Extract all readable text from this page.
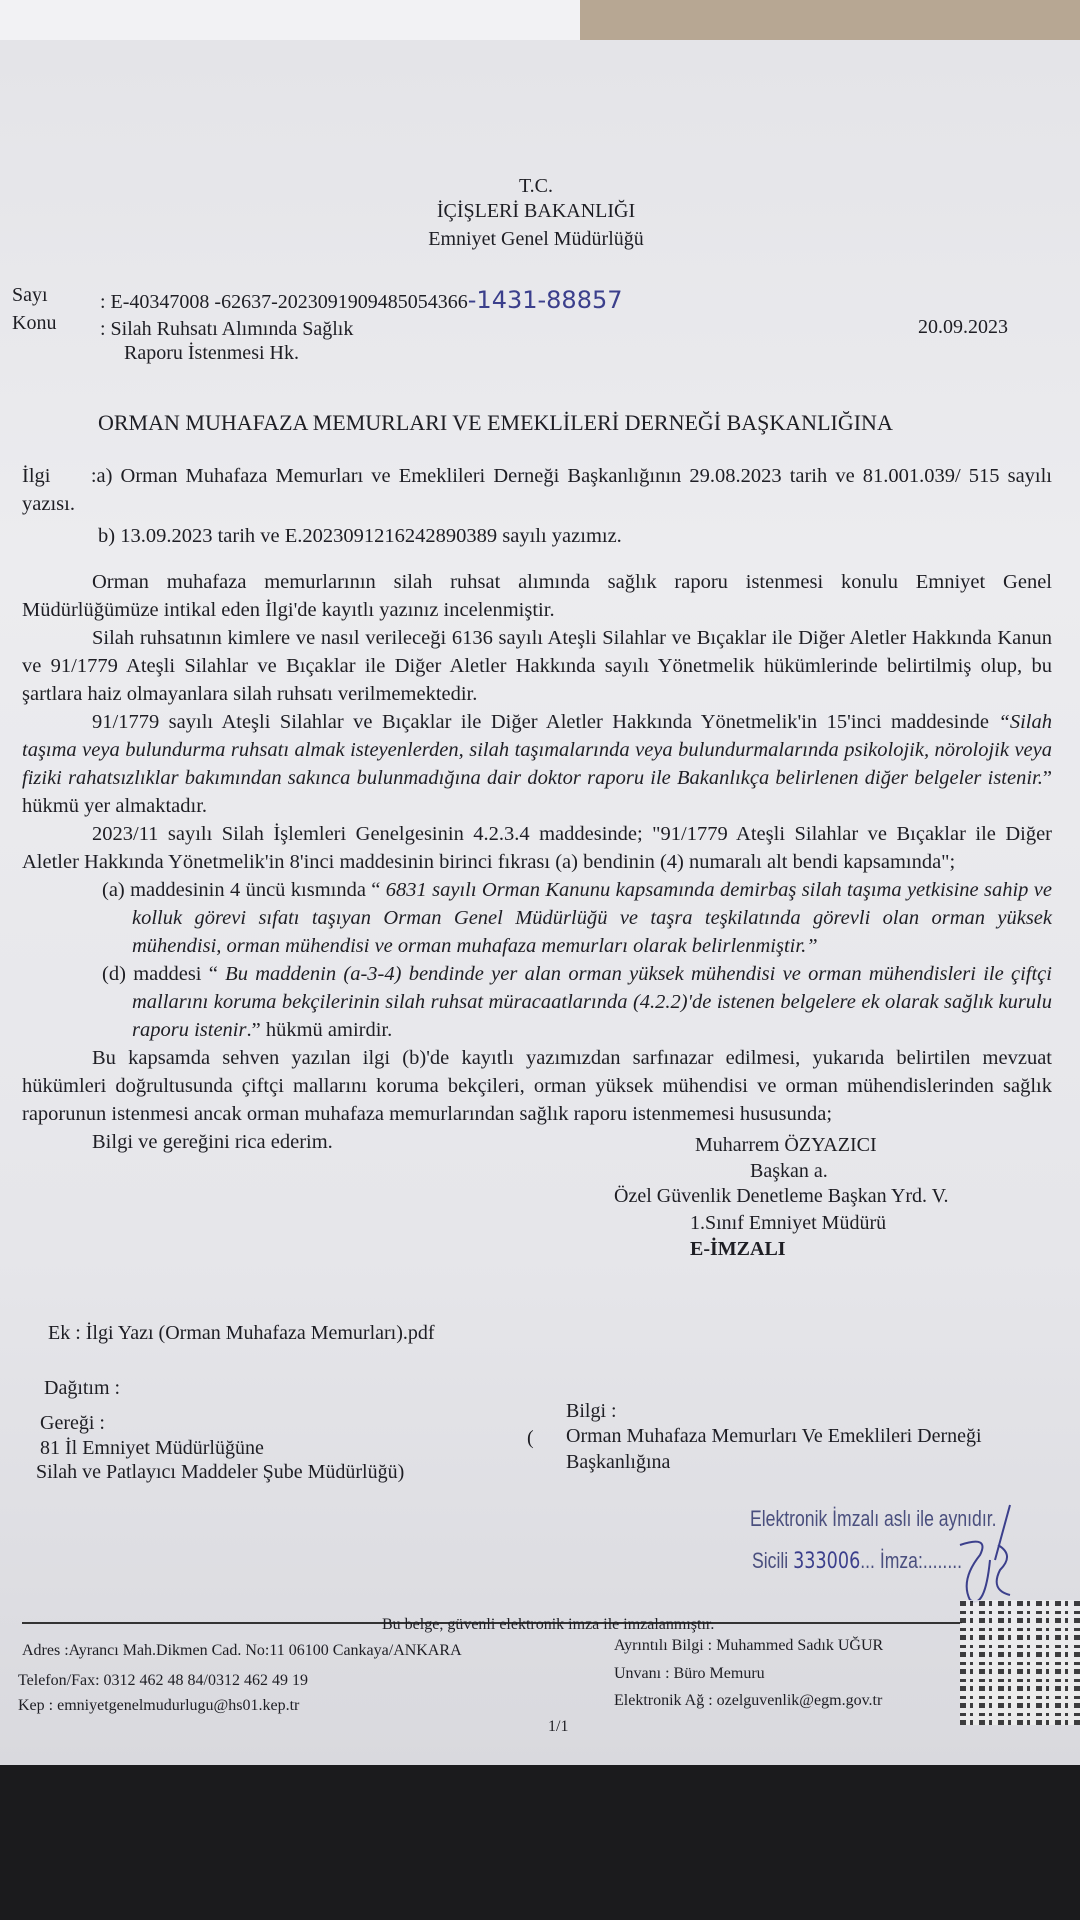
T.C.
İÇİŞLERİ BAKANLIĞI
Emniyet Genel Müdürlüğü
Sayı	: E-40347008 -62637-20230919094850543​66-1431-88857
Konu : Silah Ruhsatı Alımında Sağlık
Raporu İstenmesi Hk.
20.09.2023
ORMAN MUHAFAZA MEMURLARI VE EMEKLİLERİ DERNEĞİ BAŞKANLIĞINA

İlgi :a) Orman Muhafaza Memurları ve Emeklileri Derneği Başkanlığının 29.08.2023 tarih ve 81.001.039/ 515 sayılı yazısı.

b) 13.09.2023 tarih ve E.20230912162428903​89 sayılı yazımız.

Orman muhafaza memurlarının silah ruhsat alımında sağlık raporu istenmesi konulu Emniyet Genel Müdürlüğümüze intikal eden İlgi'de kayıtlı yazınız incelenmiştir.

Silah ruhsatının kimlere ve nasıl verileceği 6136 sayılı Ateşli Silahlar ve Bıçaklar ile Diğer Aletler Hakkında Kanun ve 91/1779 Ateşli Silahlar ve Bıçaklar ile Diğer Aletler Hakkında sayılı Yönetmelik hükümlerinde belirtilmiş olup, bu şartlara haiz olmayanlara silah ruhsatı verilmemektedir.

91/1779 sayılı Ateşli Silahlar ve Bıçaklar ile Diğer Aletler Hakkında Yönetmelik'in 15'inci maddesinde “Silah taşıma veya bulundurma ruhsatı almak isteyenlerden, silah taşımalarında veya bulundurmalarında psikolojik, nörolojik veya fiziki rahatsızlıklar bakımından sakınca bulunmadığına dair doktor raporu ile Bakanlıkça belirlenen diğer belgeler istenir.” hükmü yer almaktadır.

2023/11 sayılı Silah İşlemleri Genelgesinin 4.2.3.4 maddesinde; "91/1779 Ateşli Silahlar ve Bıçaklar ile Diğer Aletler Hakkında Yönetmelik'in 8'inci maddesinin birinci fıkrası (a) bendinin (4) numaralı alt bendi kapsamında";

(a) maddesinin 4 üncü kısmında “ 6831 sayılı Orman Kanunu kapsamında demirbaş silah taşıma yetkisine sahip ve kolluk görevi sıfatı taşıyan Orman Genel Müdürlüğü ve taşra teşkilatında görevli olan orman yüksek mühendisi, orman mühendisi ve orman muhafaza memurları olarak belirlenmiştir.”

(d) maddesi “ Bu maddenin (a-3-4) bendinde yer alan orman yüksek mühendisi ve orman mühendisleri ile çiftçi mallarını koruma bekçilerinin silah ruhsat müracaatlarında (4.2.2)'de istenen belgelere ek olarak sağlık kurulu raporu istenir.” hükmü amirdir.

Bu kapsamda sehven yazılan ilgi (b)'de kayıtlı yazımızdan sarfınazar edilmesi, yukarıda belirtilen mevzuat hükümleri doğrultusunda çiftçi mallarını koruma bekçileri, orman yüksek mühendisi ve orman mühendislerinden sağlık raporunun istenmesi ancak orman muhafaza memurlarından sağlık raporu istenmemesi hususunda;

Bilgi ve gereğini rica ederim.	Muharrem ÖZYAZICI
Başkan a.
Özel Güvenlik Denetleme Başkan Yrd. V.
1.Sınıf Emniyet Müdürü
E-İMZALI
Ek : İlgi Yazı (Orman Muhafaza Memurları).pdf
Dağıtım :
Gereği :
81 İl Emniyet Müdürlüğüne
Silah ve Patlayıcı Maddeler Şube Müdürlüğü)
(
Bilgi :
Orman Muhafaza Memurları Ve Emeklileri Derneği
Başkanlığına
Elektronik İmzalı aslı ile aynıdır.
Sicili 333006... İmza:........
Bu belge, güvenli elektronik imza ile imzalanmıştır.
Adres :Ayrancı Mah.Dikmen Cad. No:11 06100 Cankaya/ANKARA
Telefon/Fax: 0312 462 48 84/0312 462 49 19
Kep : emniyetgenelmudurlugu@hs01.kep.tr
Ayrıntılı Bilgi : Muhammed Sadık UĞUR
Unvanı : Büro Memuru
Elektronik Ağ : ozelguvenlik@egm.gov.tr
1/1
